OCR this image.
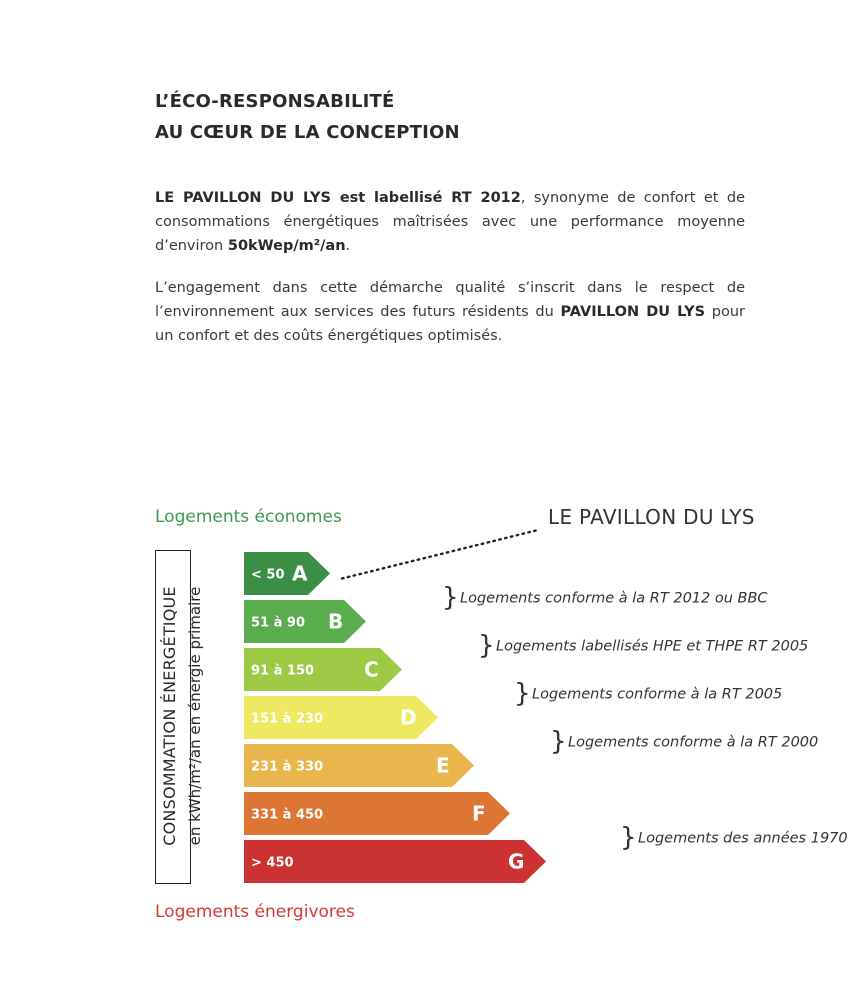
L’ÉCO-RESPONSABILITÉ
AU CŒUR DE LA CONCEPTION
LE PAVILLON DU LYS est labellisé RT 2012, synonyme de confort et de consommations énergétiques maîtrisées avec une performance moyenne d’environ 50kWep/m²/an.
L’engagement dans cette démarche qualité s’inscrit dans le respect de l’environnement aux services des futurs résidents du PAVILLON DU LYS pour un confort et des coûts énergétiques optimisés.
Logements économes	LE PAVILLON DU LYS
Logements énergivores
CONSOMMATION ÉNERGÉTIQUE en kWh/m²/an en énergie primaire
< 50 A
51 à 90 B
91 à 150 C
151 à 230	D
231 à 330	E
331 à 450	F
> 450	G
} Logements conforme à la RT 2012 ou BBC
} Logements labellisés HPE et THPE RT 2005
} Logements conforme à la RT 2005
} Logements conforme à la RT 2000
} Logements des années 1970
